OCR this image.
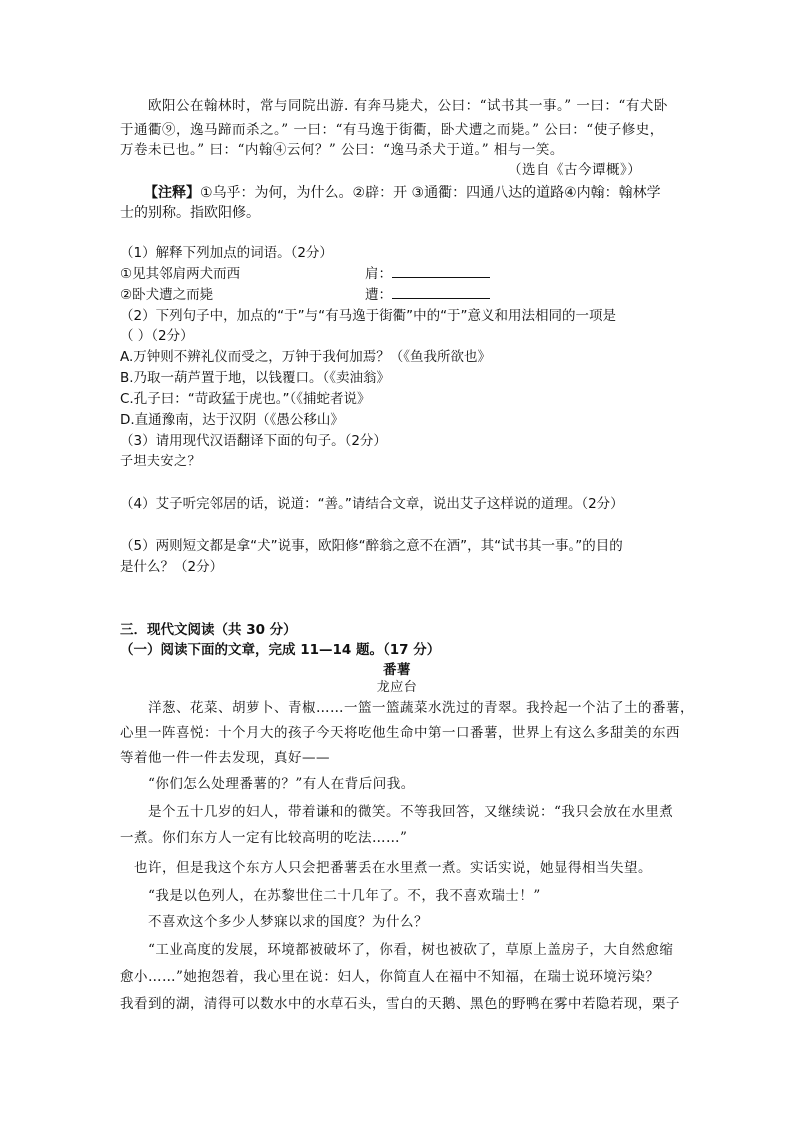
欧阳公在翰林时，常与同院出游. 有奔马毙犬，公曰：“试书其一事。” 一曰：“有犬卧
于通衢⑨，逸马蹄而杀之。” 一曰：“有马逸于街衢，卧犬遭之而毙。” 公曰：“使子修史，
万卷未已也。” 曰：“内翰④云何？” 公曰：“逸马杀犬于道。” 相与一笑。
（选自《古今谭概》）
【注释】①乌乎：为何，为什么。②辟：开 ③通衢：四通八达的道路④内翰：翰林学
士的别称。指欧阳修。
（1）解释下列加点的词语。（2分）
①见其邻肩两犬而西	肩：
②卧犬遭之而毙	遭：
（2）下列句子中，加点的“于”与“有马逸于街衢”中的“于”意义和用法相同的一项是
（ ）（2分）
A.万钟则不辨礼仪而受之，万钟于我何加焉？（《鱼我所欲也》
B.乃取一葫芦置于地，以钱覆口。（《卖油翁》
C.孔子曰：“苛政猛于虎也。”（《捕蛇者说》
D.直通豫南，达于汉阴（《愚公移山》
（3）请用现代汉语翻译下面的句子。（2分）
子坦夫安之？
（4）艾子听完邻居的话，说道：“善。”请结合文章，说出艾子这样说的道理。（2分）
（5）两则短文都是拿“犬”说事，欧阳修“醉翁之意不在酒”，其“试书其一事。”的目的
是什么？（2分）
三．现代文阅读（共 30 分）
（一）阅读下面的文章，完成 11—14 题。（17 分）
番薯
龙应台
洋葱、花菜、胡萝卜、青椒……一篮一篮蔬菜水洗过的青翠。我拎起一个沾了土的番薯，
心里一阵喜悦：十个月大的孩子今天将吃他生命中第一口番薯，世界上有这么多甜美的东西
等着他一件一件去发现，真好——
“你们怎么处理番薯的？”有人在背后问我。
是个五十几岁的妇人，带着谦和的微笑。不等我回答，又继续说：“我只会放在水里煮
一煮。你们东方人一定有比较高明的吃法……”
也许，但是我这个东方人只会把番薯丢在水里煮一煮。实话实说，她显得相当失望。
“我是以色列人，在苏黎世住二十几年了。不，我不喜欢瑞士！”
不喜欢这个多少人梦寐以求的国度？为什么？
“工业高度的发展，环境都被破坏了，你看，树也被砍了，草原上盖房子，大自然愈缩
愈小……”她抱怨着，我心里在说：妇人，你简直人在福中不知福，在瑞士说环境污染？
我看到的湖，清得可以数水中的水草石头，雪白的天鹅、黑色的野鸭在雾中若隐若现，栗子
